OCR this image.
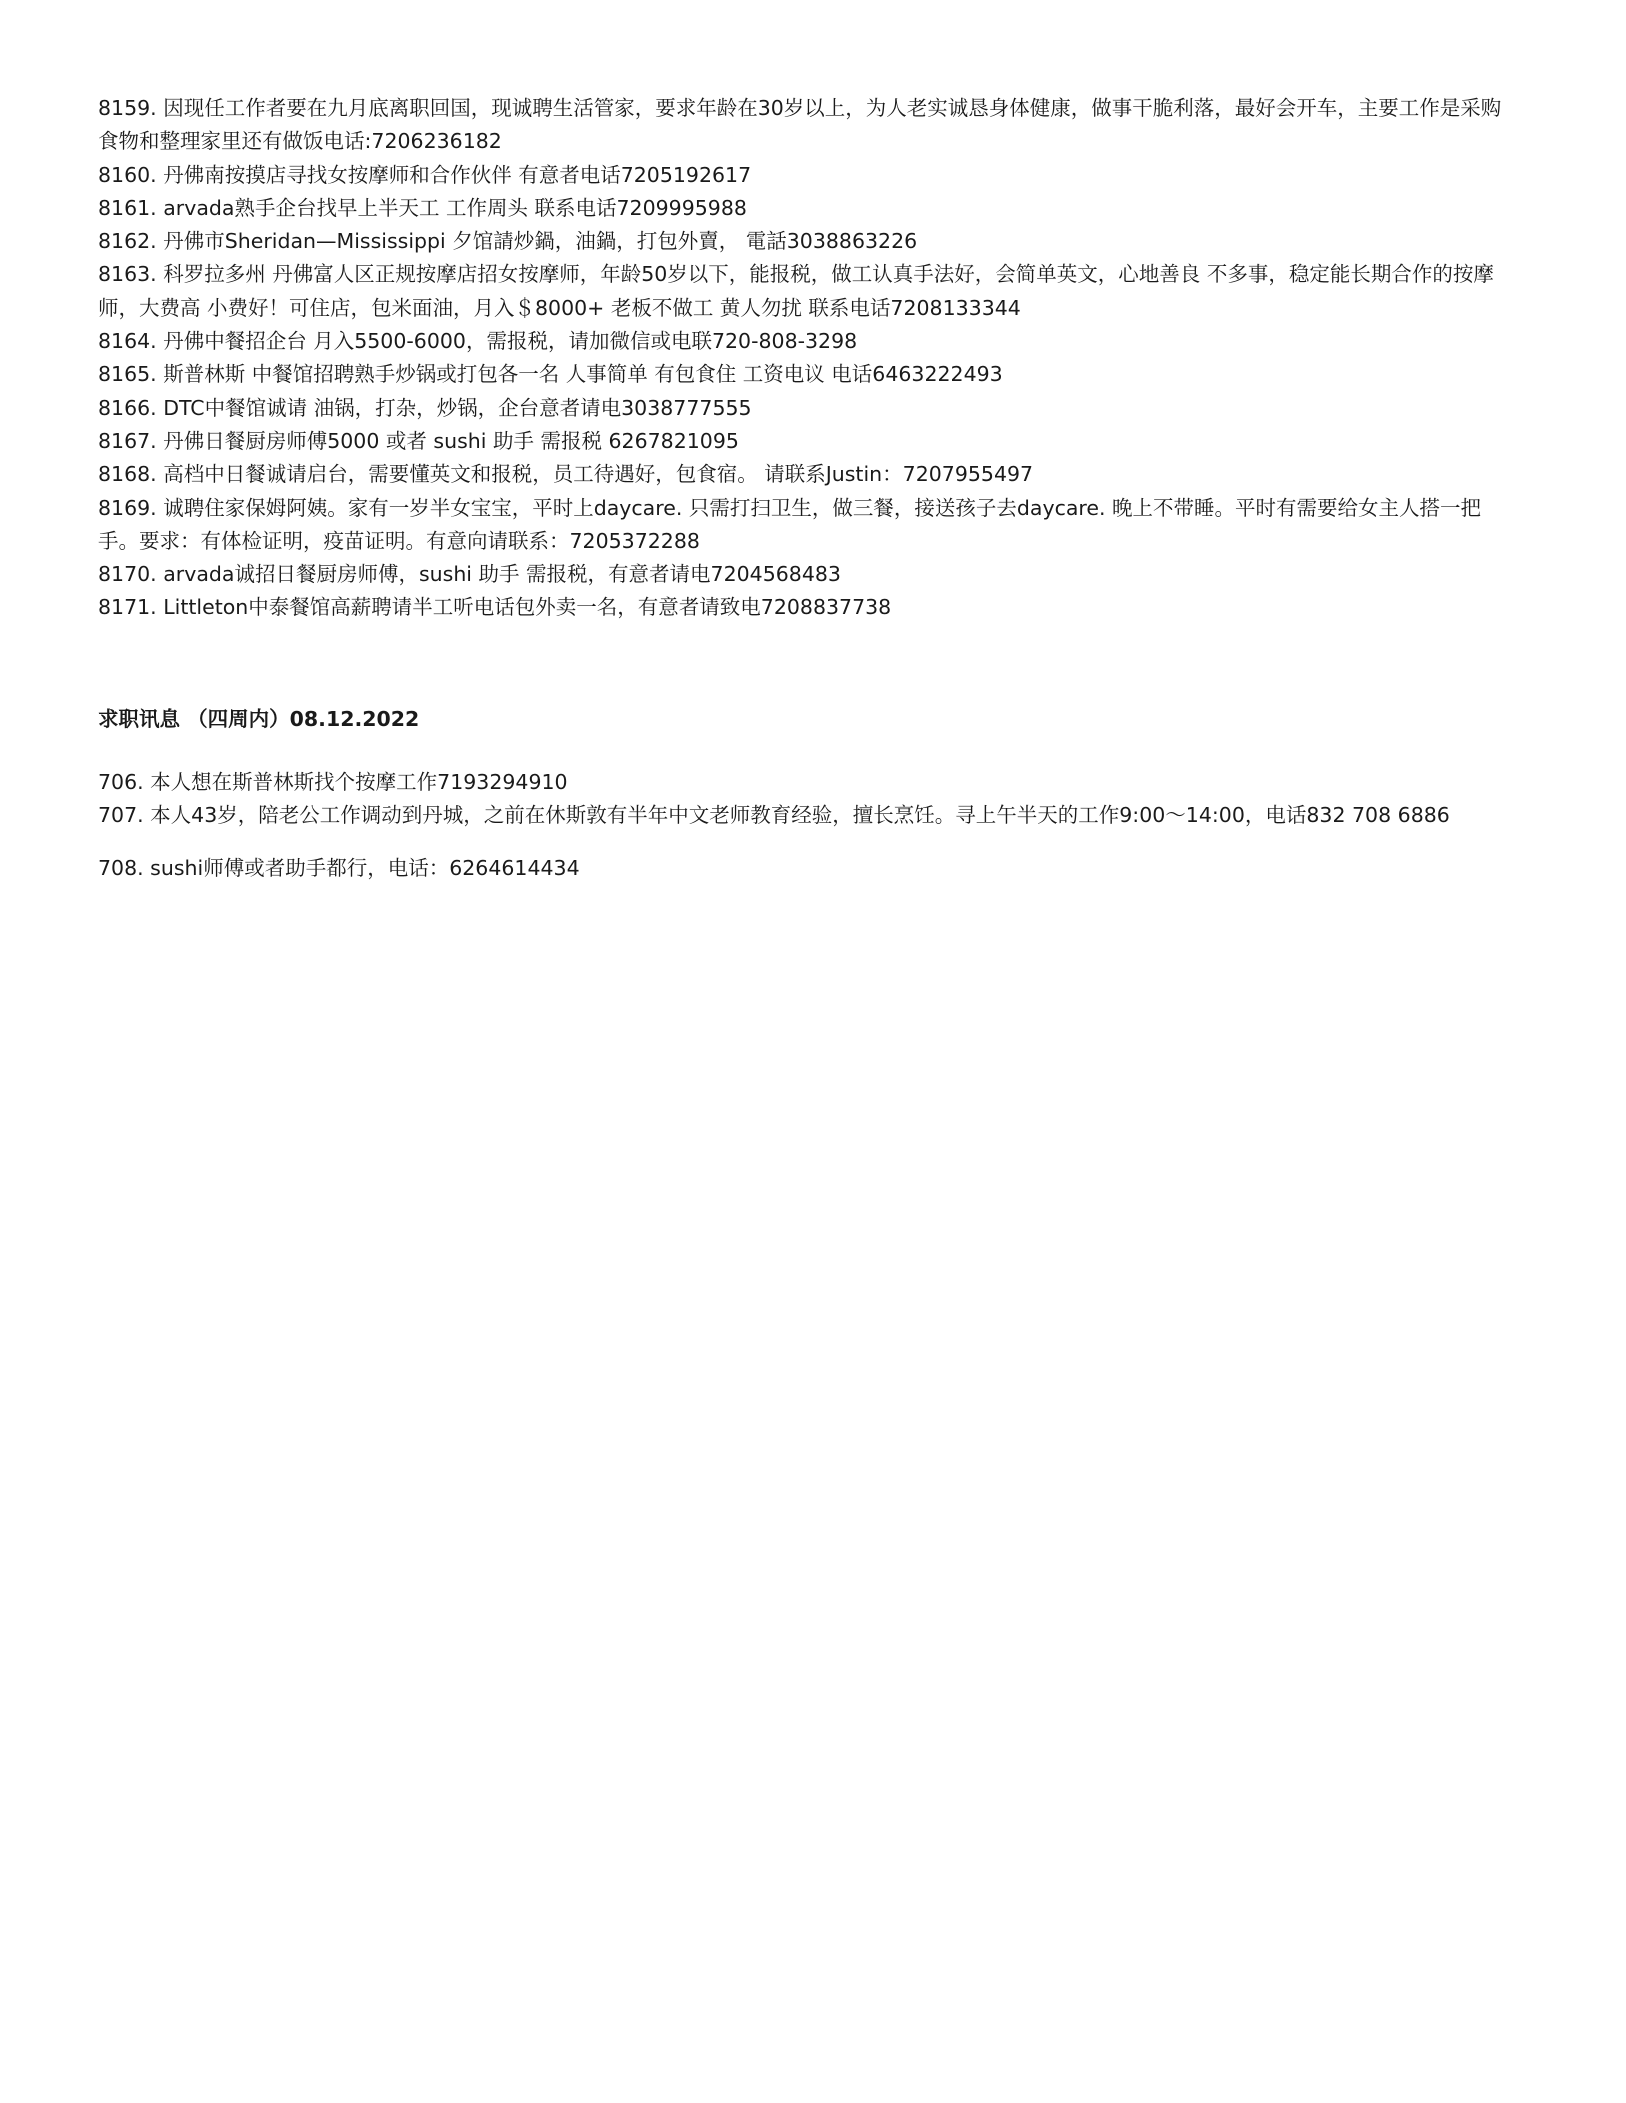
8159. 因现任工作者要在九月底离职回国，现诚聘生活管家，要求年龄在30岁以上，为人老实诚恳身体健康，做事干脆利落，最好会开车，主要工作是采购食物和整理家里还有做饭电话:7206236182

8160. 丹佛南按摸店寻找女按摩师和合作伙伴 有意者电话7205192617

8161. arvada熟手企台找早上半天工 工作周头 联系电话7209995988

8162. 丹佛市Sheridan—Mississippi 夕馆請炒鍋，油鍋，打包外賣， 電話3038863226

8163. 科罗拉多州 丹佛富人区正规按摩店招女按摩师，年龄50岁以下，能报税，做工认真手法好，会简单英文，心地善良 不多事，稳定能长期合作的按摩师，大费高 小费好！可住店，包米面油，月入＄8000+ 老板不做工 黄人勿扰 联系电话7208133344

8164. 丹佛中餐招企台 月入5500-6000，需报税，请加微信或电联720-808-3298

8165. 斯普林斯 中餐馆招聘熟手炒锅或打包各一名 人事简单 有包食住 工资电议 电话6463222493

8166. DTC中餐馆诚请 油锅，打杂，炒锅，企台意者请电3038777555

8167. 丹佛日餐厨房师傅5000 或者 sushi 助手 需报税 6267821095

8168. 高档中日餐诚请启台，需要懂英文和报税，员工待遇好，包食宿。 请联系Justin：7207955497

8169. 诚聘住家保姆阿姨。家有一岁半女宝宝，平时上daycare. 只需打扫卫生，做三餐，接送孩子去daycare. 晚上不带睡。平时有需要给女主人搭一把手。要求：有体检证明，疫苗证明。有意向请联系：7205372288

8170. arvada诚招日餐厨房师傅，sushi 助手 需报税，有意者请电7204568483

8171. Littleton中泰餐馆高薪聘请半工听电话包外卖一名，有意者请致电7208837738

求职讯息 （四周内）08.12.2022

706. 本人想在斯普林斯找个按摩工作7193294910

707. 本人43岁，陪老公工作调动到丹城，之前在休斯敦有半年中文老师教育经验，擅长烹饪。寻上午半天的工作9:00～14:00，电话832 708 6886

708. sushi师傅或者助手都行，电话：6264614434
